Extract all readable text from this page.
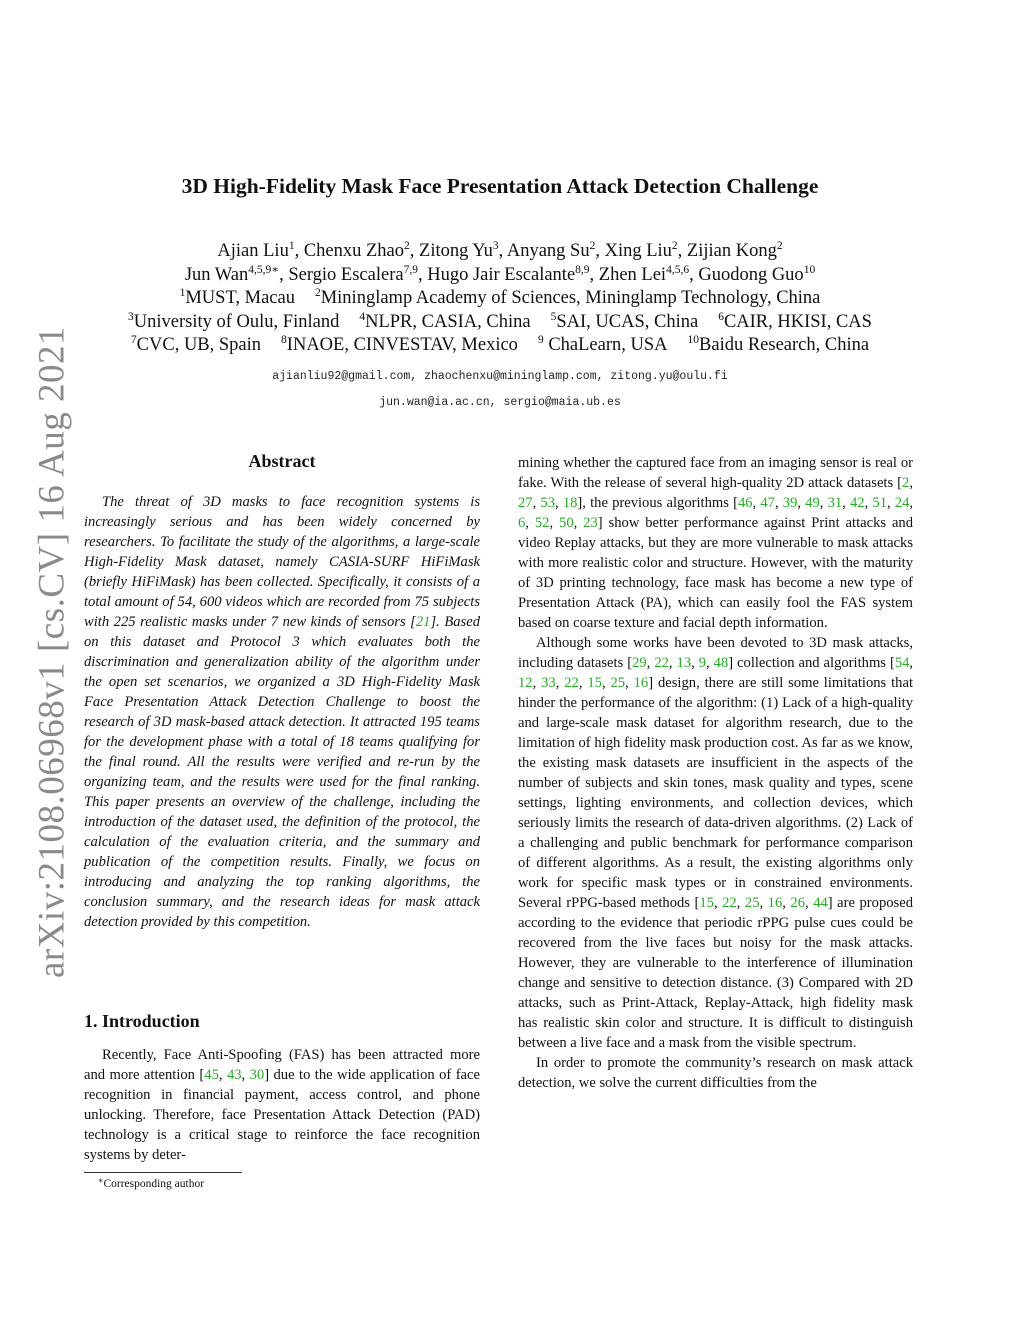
arXiv:2108.06968v1 [cs.CV] 16 Aug 2021
3D High-Fidelity Mask Face Presentation Attack Detection Challenge
Ajian Liu$^1$, Chenxu Zhao$^2$, Zitong Yu$^3$, Anyang Su$^2$, Xing Liu$^2$, Zijian Kong$^2$
Jun Wan$^{4,5,9∗}$, Sergio Escalera$^{7,9}$, Hugo Jair Escalante$^{8,9}$, Zhen Lei$^{4,5,6}$, Guodong Guo$^{10}$
$^1$MUST, Macau $^2$Mininglamp Academy of Sciences, Mininglamp Technology, China
$^3$University of Oulu, Finland $^4$NLPR, CASIA, China $^5$SAI, UCAS, China $^6$CAIR, HKISI, CAS
$^7$CVC, UB, Spain $^8$INAOE, CINVESTAV, Mexico $^9$ ChaLearn, USA $^{10}$Baidu Research, China
ajianliu92@gmail.com, zhaochenxu@mininglamp.com, zitong.yu@oulu.fi
jun.wan@ia.ac.cn, sergio@maia.ub.es
Abstract
The threat of 3D masks to face recognition systems is increasingly serious and has been widely concerned by researchers. To facilitate the study of the algorithms, a large-scale High-Fidelity Mask dataset, namely CASIA-SURF HiFiMask (briefly HiFiMask) has been collected. Specifically, it consists of a total amount of 54, 600 videos which are recorded from 75 subjects with 225 realistic masks under 7 new kinds of sensors [21]. Based on this dataset and Protocol 3 which evaluates both the discrimination and generalization ability of the algorithm under the open set scenarios, we organized a 3D High-Fidelity Mask Face Presentation Attack Detection Challenge to boost the research of 3D mask-based attack detection. It attracted 195 teams for the development phase with a total of 18 teams qualifying for the final round. All the results were verified and re-run by the organizing team, and the results were used for the final ranking. This paper presents an overview of the challenge, including the introduction of the dataset used, the definition of the protocol, the calculation of the evaluation criteria, and the summary and publication of the competition results. Finally, we focus on introducing and analyzing the top ranking algorithms, the conclusion summary, and the research ideas for mask attack detection provided by this competition.
1. Introduction
Recently, Face Anti-Spoofing (FAS) has been attracted more and more attention [45, 43, 30] due to the wide application of face recognition in financial payment, access control, and phone unlocking. Therefore, face Presentation Attack Detection (PAD) technology is a critical stage to reinforce the face recognition systems by deter-

mining whether the captured face from an imaging sensor is real or fake. With the release of several high-quality 2D attack datasets [2, 27, 53, 18], the previous algorithms [46, 47, 39, 49, 31, 42, 51, 24, 6, 52, 50, 23] show better performance against Print attacks and video Replay attacks, but they are more vulnerable to mask attacks with more realistic color and structure. However, with the maturity of 3D printing technology, face mask has become a new type of Presentation Attack (PA), which can easily fool the FAS system based on coarse texture and facial depth information.

Although some works have been devoted to 3D mask attacks, including datasets [29, 22, 13, 9, 48] collection and algorithms [54, 12, 33, 22, 15, 25, 16] design, there are still some limitations that hinder the performance of the algorithm: (1) Lack of a high-quality and large-scale mask dataset for algorithm research, due to the limitation of high fidelity mask production cost. As far as we know, the existing mask datasets are insufficient in the aspects of the number of subjects and skin tones, mask quality and types, scene settings, lighting environments, and collection devices, which seriously limits the research of data-driven algorithms. (2) Lack of a challenging and public benchmark for performance comparison of different algorithms. As a result, the existing algorithms only work for specific mask types or in constrained environments. Several rPPG-based methods [15, 22, 25, 16, 26, 44] are proposed according to the evidence that periodic rPPG pulse cues could be recovered from the live faces but noisy for the mask attacks. However, they are vulnerable to the interference of illumination change and sensitive to detection distance. (3) Compared with 2D attacks, such as Print-Attack, Replay-Attack, high fidelity mask has realistic skin color and structure. It is difficult to distinguish between a live face and a mask from the visible spectrum.

In order to promote the community’s research on mask attack detection, we solve the current difficulties from the

∗Corresponding author
